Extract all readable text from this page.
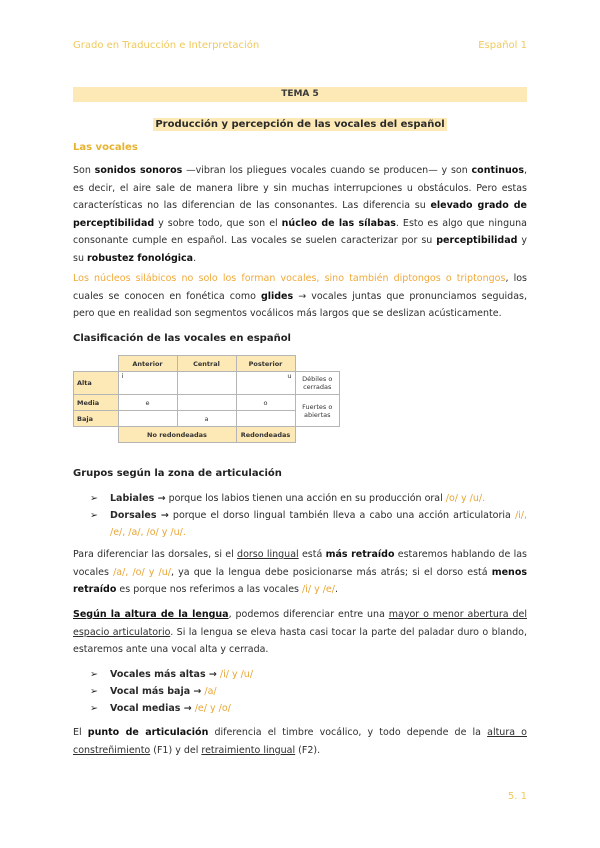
Grado en Traducción e Interpretación	Español 1
TEMA 5
Producción y percepción de las vocales del español
Las vocales
Son sonidos sonoros —vibran los pliegues vocales cuando se producen— y son continuos, es decir, el aire sale de manera libre y sin muchas interrupciones u obstáculos. Pero estas características no las diferencian de las consonantes. Las diferencia su elevado grado de perceptibilidad y sobre todo, que son el núcleo de las sílabas. Esto es algo que ninguna consonante cumple en español. Las vocales se suelen caracterizar por su perceptibilidad y su robustez fonológica.
Los núcleos silábicos no solo los forman vocales, sino también diptongos o triptongos, los cuales se conocen en fonética como glides → vocales juntas que pronunciamos seguidas, pero que en realidad son segmentos vocálicos más largos que se deslizan acústicamente.
Clasificación de las vocales en español
	Anterior	Central	Posterior	
Alta	i		u	Débiles o cerradas
Media	e		o	Fuertes o abiertas
Baja		a		
	No redondeadas		Redondeadas	
Grupos según la zona de articulación
➢	Labiales → porque los labios tienen una acción en su producción oral /o/ y /u/.
➢	Dorsales → porque el dorso lingual también lleva a cabo una acción articulatoria /i/, /e/, /a/, /o/ y /u/.
Para diferenciar las dorsales, si el dorso lingual está más retraído estaremos hablando de las vocales /a/, /o/ y /u/, ya que la lengua debe posicionarse más atrás; si el dorso está menos retraído es porque nos referimos a las vocales /i/ y /e/.
Según la altura de la lengua, podemos diferenciar entre una mayor o menor abertura del espacio articulatorio. Si la lengua se eleva hasta casi tocar la parte del paladar duro o blando, estaremos ante una vocal alta y cerrada.
➢	Vocales más altas → /i/ y /u/
➢	Vocal más baja → /a/
➢	Vocal medias → /e/ y /o/
El punto de articulación diferencia el timbre vocálico, y todo depende de la altura o constreñimiento (F1) y del retraimiento lingual (F2).
5. 1
